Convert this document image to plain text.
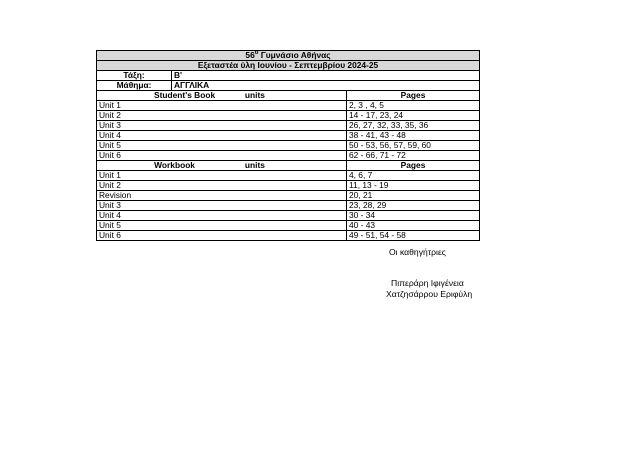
$56^o$ Γυμνάσιο Αθήνας			
Εξεταστέα ύλη Ιουνίου - Σεπτεμβρίου 2024-25			
Τάξη:	Β'		
Μάθημα:	ΑΓΓΛΙΚΑ		
Student's Book units			Pages
Unit 1			2, 3 , 4, 5
Unit 2			14 - 17, 23, 24
Unit 3			26, 27, 32, 33, 35, 36
Unit 4			38 - 41, 43 - 48
Unit 5			50 - 53, 56, 57, 59, 60
Unit 6			62 - 66, 71 - 72
Workbook units			Pages
Unit 1			4, 6, 7
Unit 2			11, 13 - 19
Revision			20, 21
Unit 3			23, 28, 29
Unit 4			30 - 34
Unit 5			40 - 43
Unit 6			49 - 51, 54 - 58
Οι καθηγήτριες
Πιπεράρη Ιφιγένεια
Χατζησάρρου Εριφύλη
